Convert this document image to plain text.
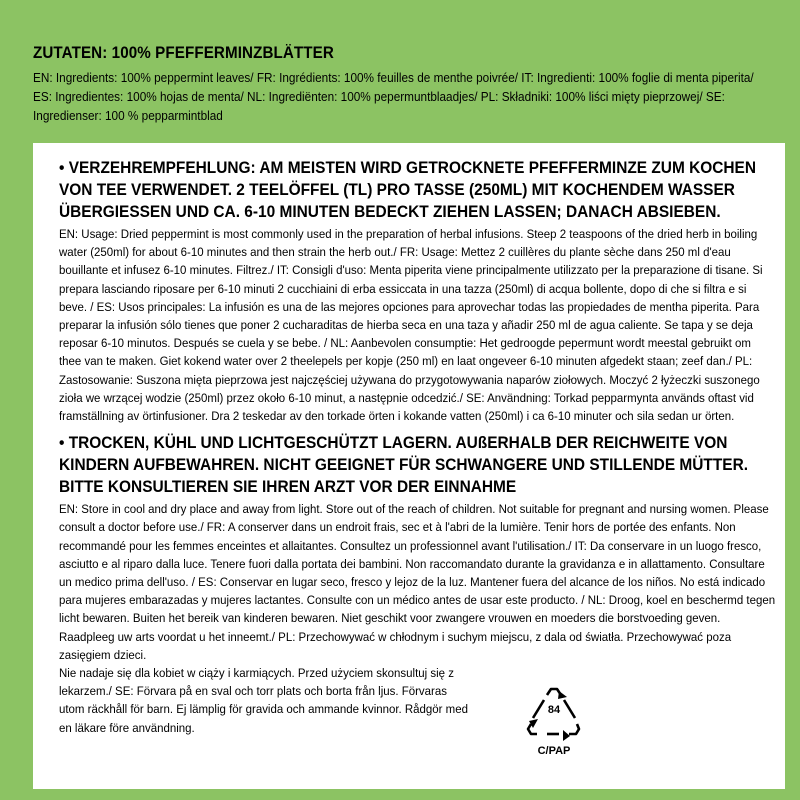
ZUTATEN: 100% PFEFFERMINZBLÄTTER

EN: Ingredients: 100% peppermint leaves/ FR: Ingrédients: 100% feuilles de menthe poivrée/ IT: Ingredienti: 100% foglie di menta piperita/ ES: Ingredientes: 100% hojas de menta/ NL: Ingrediënten: 100% pepermuntblaadjes/ PL: Składniki: 100% liści mięty pieprzowej/ SE: Ingredienser: 100 % pepparmintblad

• VERZEHREMPFEHLUNG: AM MEISTEN WIRD GETROCKNETE PFEFFERMINZE ZUM KOCHEN VON TEE VERWENDET. 2 TEELÖFFEL (TL) PRO TASSE (250ML) MIT KOCHENDEM WASSER ÜBERGIESSEN UND CA. 6-10 MINUTEN BEDECKT ZIEHEN LASSEN; DANACH ABSIEBEN.

EN: Usage: Dried peppermint is most commonly used in the preparation of herbal infusions. Steep 2 teaspoons of the dried herb in boiling water (250ml) for about 6-10 minutes and then strain the herb out./ FR: Usage: Mettez 2 cuillères du plante sèche dans 250 ml d'eau bouillante et infusez 6-10 minutes. Filtrez./ IT: Consigli d'uso: Menta piperita viene principalmente utilizzato per la preparazione di tisane. Si prepara lasciando riposare per 6-10 minuti 2 cucchiaini di erba essiccata in una tazza (250ml) di acqua bollente, dopo di che si filtra e si beve. / ES: Usos principales: La infusión es una de las mejores opciones para aprovechar todas las propiedades de mentha piperita. Para preparar la infusión sólo tienes que poner 2 cucharaditas de hierba seca en una taza y añadir 250 ml de agua caliente. Se tapa y se deja reposar 6-10 minutos. Después se cuela y se bebe. / NL: Aanbevolen consumptie: Het gedroogde pepermunt wordt meestal gebruikt om thee van te maken. Giet kokend water over 2 theelepels per kopje (250 ml) en laat ongeveer 6-10 minuten afgedekt staan; zeef dan./ PL: Zastosowanie: Suszona mięta pieprzowa jest najczęściej używana do przygotowywania naparów ziołowych. Moczyć 2 łyżeczki suszonego zioła we wrzącej wodzie (250ml) przez około 6-10 minut, a następnie odcedzić./ SE: Användning: Torkad pepparmynta används oftast vid framställning av örtinfusioner. Dra 2 teskedar av den torkade örten i kokande vatten (250ml) i ca 6-10 minuter och sila sedan ur örten.

• TROCKEN, KÜHL UND LICHTGESCHÜTZT LAGERN. AUßERHALB DER REICHWEITE VON KINDERN AUFBEWAHREN. NICHT GEEIGNET FÜR SCHWANGERE UND STILLENDE MÜTTER. BITTE KONSULTIEREN SIE IHREN ARZT VOR DER EINNAHME

EN: Store in cool and dry place and away from light. Store out of the reach of children. Not suitable for pregnant and nursing women. Please consult a doctor before use./ FR: A conserver dans un endroit frais, sec et à l'abri de la lumière. Tenir hors de portée des enfants. Non recommandé pour les femmes enceintes et allaitantes. Consultez un professionnel avant l'utilisation./ IT: Da conservare in un luogo fresco, asciutto e al riparo dalla luce. Tenere fuori dalla portata dei bambini. Non raccomandato durante la gravidanza e in allattamento. Consultare un medico prima dell'uso. / ES: Conservar en lugar seco, fresco y lejoz de la luz. Mantener fuera del alcance de los niños. No está indicado para mujeres embarazadas y mujeres lactantes. Consulte con un médico antes de usar este producto. / NL: Droog, koel en beschermd tegen licht bewaren. Buiten het bereik van kinderen bewaren. Niet geschikt voor zwangere vrouwen en moeders die borstvoeding geven. Raadpleeg uw arts voordat u het inneemt./ PL: Przechowywać w chłodnym i suchym miejscu, z dala od światła. Przechowywać poza zasięgiem dzieci.

Nie nadaje się dla kobiet w ciąży i karmiących. Przed użyciem skonsultuj się z lekarzem./ SE: Förvara på en sval och torr plats och borta från ljus. Förvaras utom räckhåll för barn. Ej lämplig för gravida och ammande kvinnor. Rådgör med en läkare före användning.

84
C/PAP
